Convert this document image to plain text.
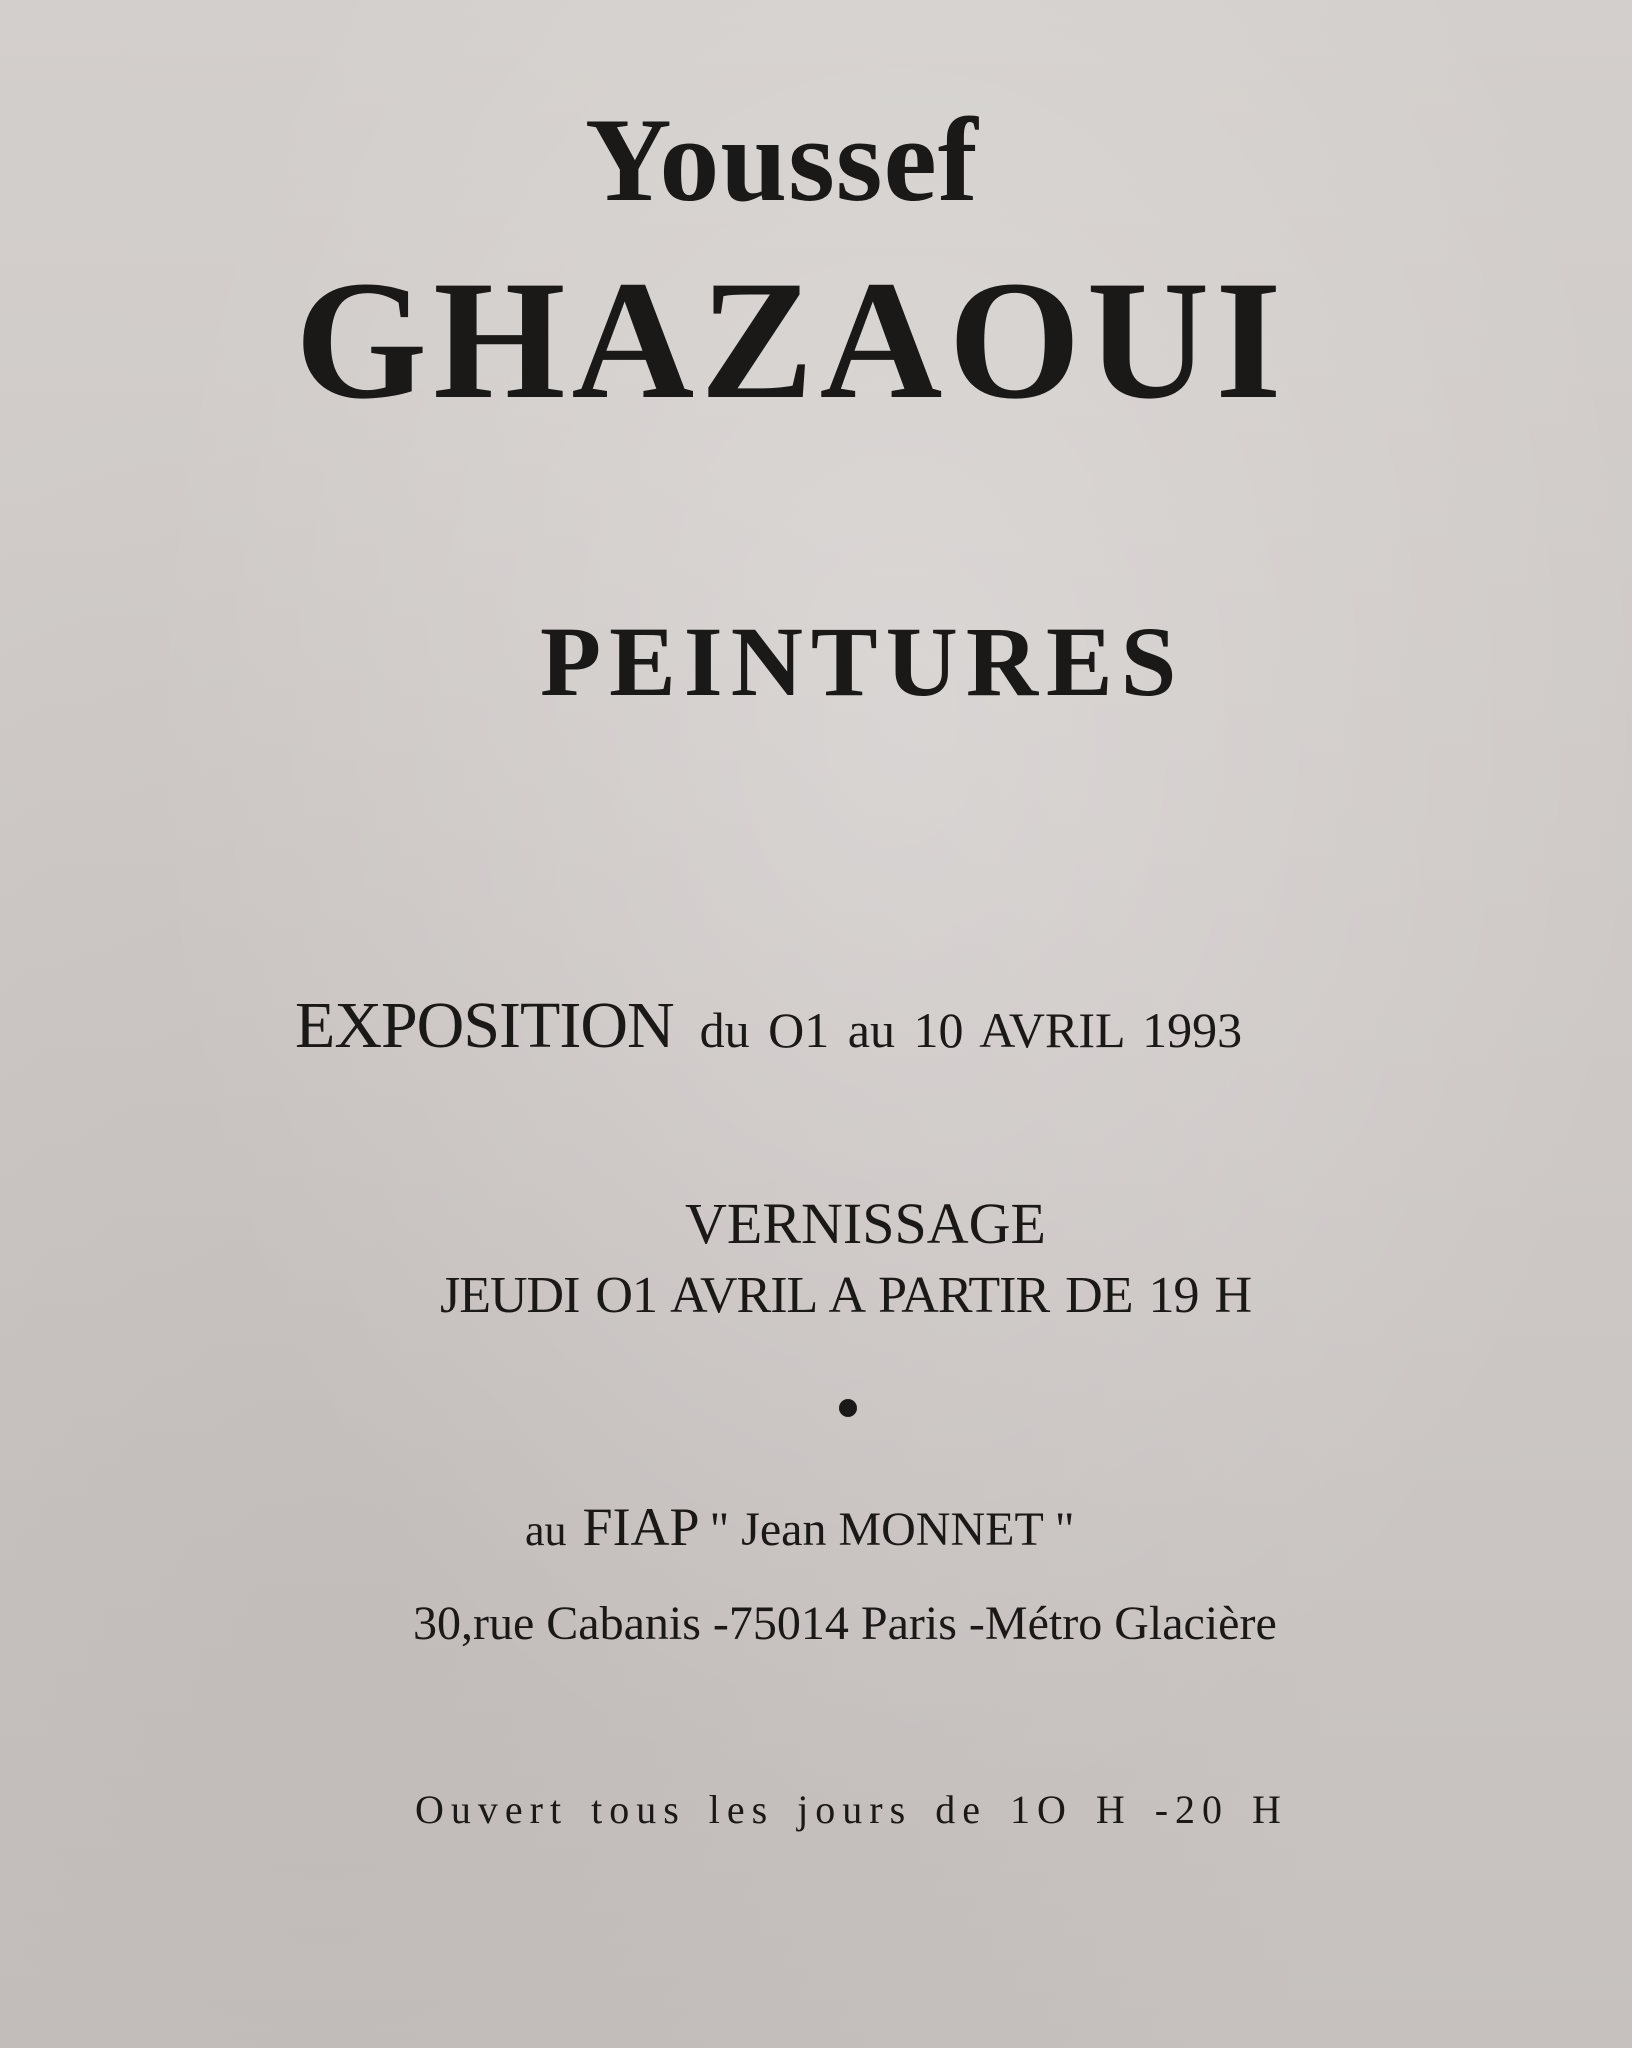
Youssef
GHAZAOUI
PEINTURES
EXPOSITION du O1 au 10 AVRIL 1993
VERNISSAGE
JEUDI O1 AVRIL A PARTIR DE 19 H
au FIAP " Jean MONNET "
30,rue Cabanis -75014 Paris -Métro Glacière
Ouvert tous les jours de 1O H -20 H
